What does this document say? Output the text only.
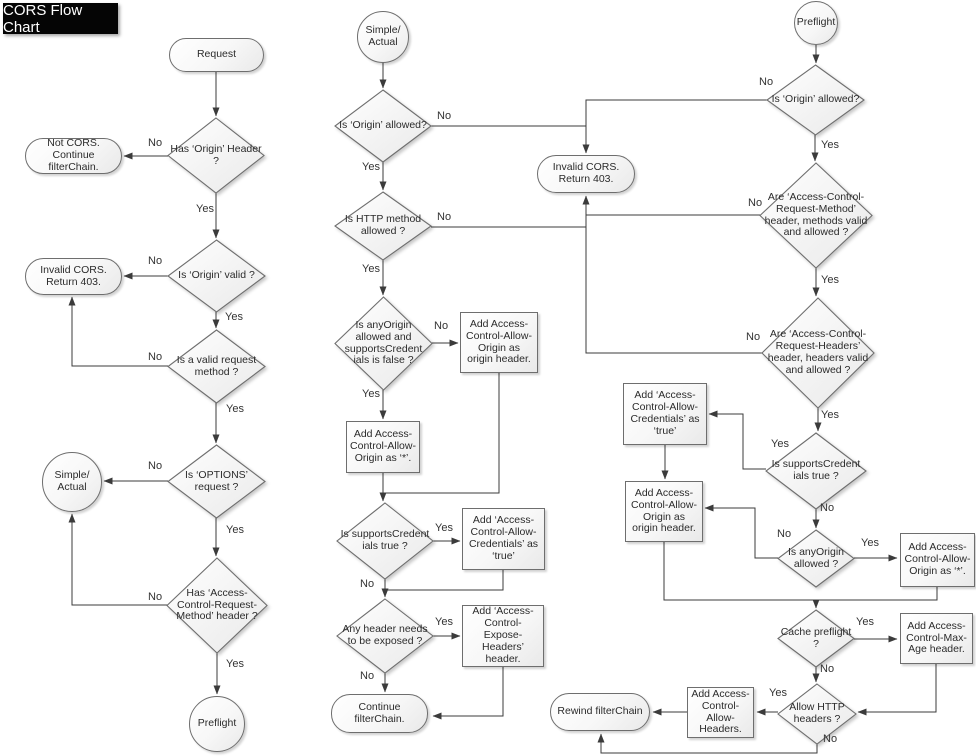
CORS Flow Chart
Request
Has ‘Origin’ Header ?
Not CORS. Continue filterChain.
Is ‘Origin’ valid ?
Invalid CORS. Return 403.
Is a valid request method ?
Is ‘OPTIONS’ request ?
Simple/ Actual
Has ‘Access-Control-Request-Method’ header ?
Preflight
Simple/ Actual
Is ‘Origin’ allowed?
Is HTTP method allowed ?
Invalid CORS. Return 403.
Is anyOrigin allowed and supportsCredent ials is false ?
Add Access-Control-Allow-Origin as origin header.
Add Access-Control-Allow-Origin as ‘*’.
Is supportsCredent ials true ?
Add ‘Access-Control-Allow-Credentials’ as ‘true’
Any header needs to be exposed ?
Add ‘Access-Control-Expose-Headers’ header.
Continue filterChain.
Preflight
Is ‘Origin’ allowed?
Are ‘Access-Control-Request-Method’ header, methods valid and allowed ?
Are ‘Access-Control-Request-Headers’ header, headers valid and allowed ?
Is supportsCredent ials true ?
Add ‘Access-Control-Allow-Credentials’ as ‘true’
Add Access-Control-Allow-Origin as origin header.
Is anyOrigin allowed ?
Add Access-Control-Allow-Origin as ‘*’.
Cache preflight ?
Add Access-Control-Max-Age header.
Allow HTTP headers ?
Add Access-Control-Allow-Headers.
Rewind filterChain
No
Yes
No
Yes
No
Yes
No
Yes
No
Yes
No
Yes
No
Yes
No
Yes
Yes
No
Yes
No
No
Yes
No
Yes
No
Yes
Yes
No
No
Yes
Yes
No
Yes
No
